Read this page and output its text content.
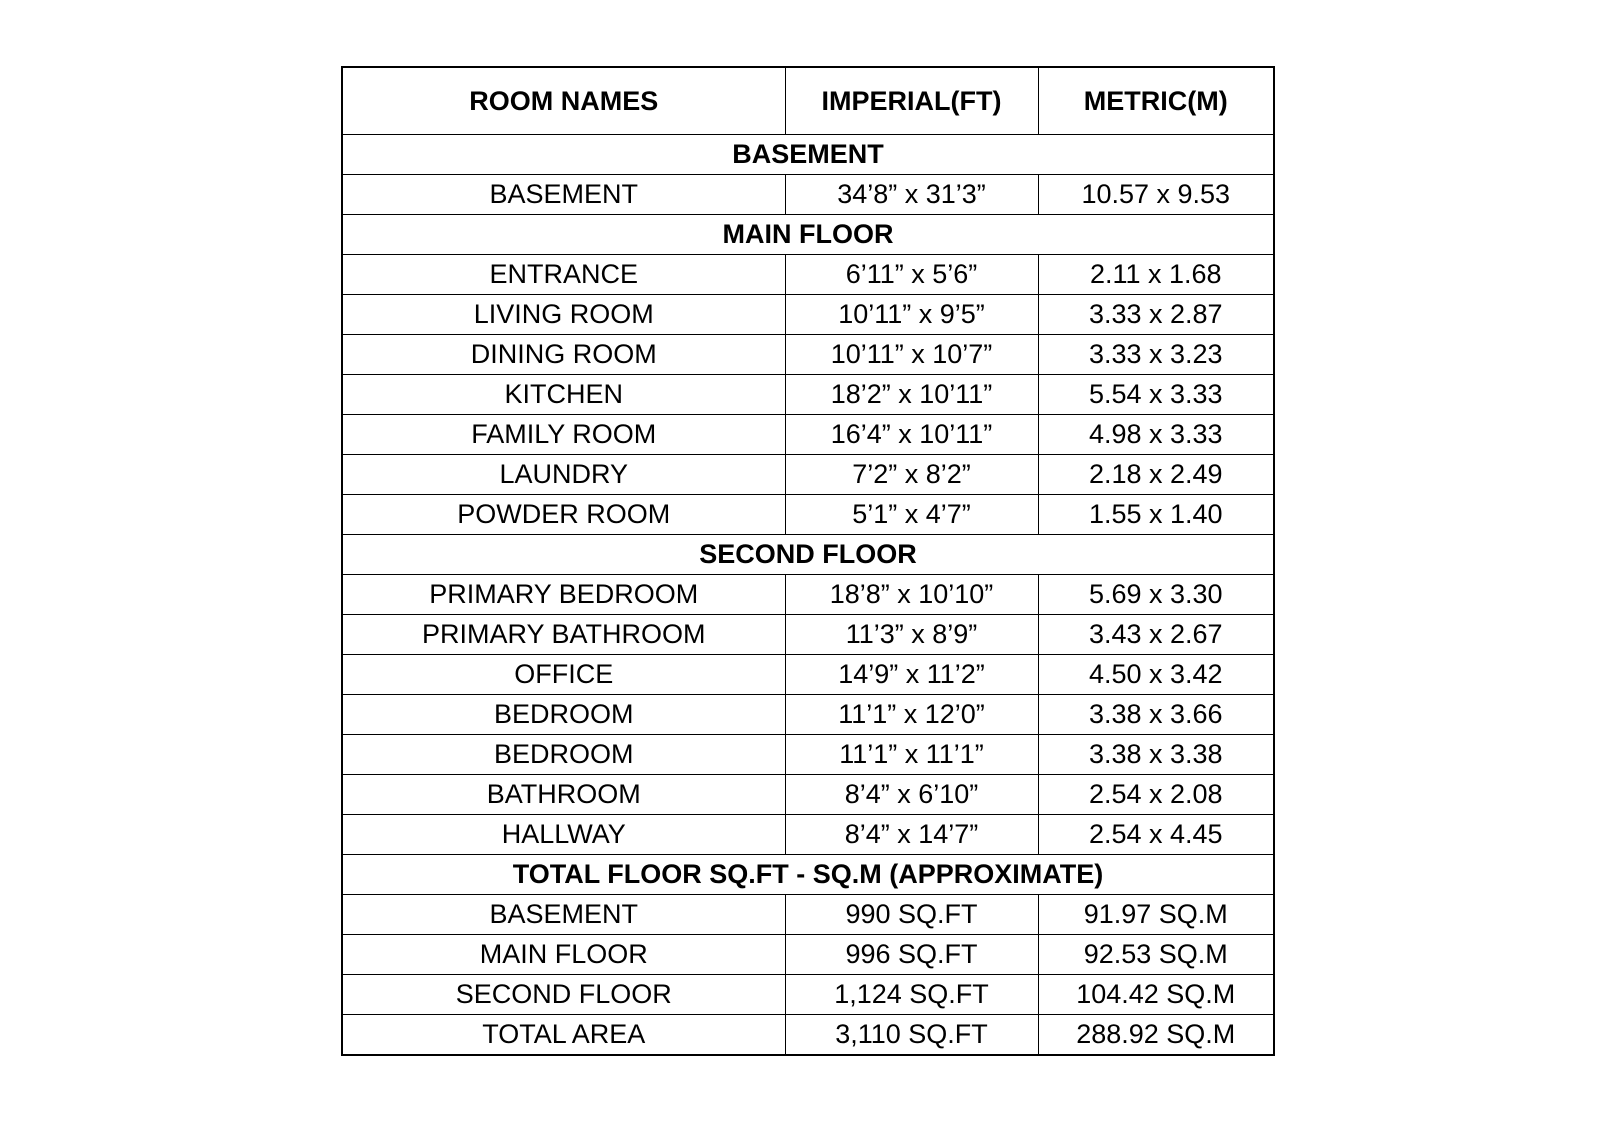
ROOM NAMES	IMPERIAL(FT)	METRIC(M)
BASEMENT		
BASEMENT	34’8” x 31’3”	10.57 x 9.53
MAIN FLOOR		
ENTRANCE	6’11” x 5’6”	2.11 x 1.68
LIVING ROOM	10’11” x 9’5”	3.33 x 2.87
DINING ROOM	10’11” x 10’7”	3.33 x 3.23
KITCHEN	18’2” x 10’11”	5.54 x 3.33
FAMILY ROOM	16’4” x 10’11”	4.98 x 3.33
LAUNDRY	7’2” x 8’2”	2.18 x 2.49
POWDER ROOM	5’1” x 4’7”	1.55 x 1.40
SECOND FLOOR		
PRIMARY BEDROOM	18’8” x 10’10”	5.69 x 3.30
PRIMARY BATHROOM	11’3” x 8’9”	3.43 x 2.67
OFFICE	14’9” x 11’2”	4.50 x 3.42
BEDROOM	11’1” x 12’0”	3.38 x 3.66
BEDROOM	11’1” x 11’1”	3.38 x 3.38
BATHROOM	8’4” x 6’10”	2.54 x 2.08
HALLWAY	8’4” x 14’7”	2.54 x 4.45
TOTAL FLOOR SQ.FT - SQ.M (APPROXIMATE)		
BASEMENT	990 SQ.FT	91.97 SQ.M
MAIN FLOOR	996 SQ.FT	92.53 SQ.M
SECOND FLOOR	1,124 SQ.FT	104.42 SQ.M
TOTAL AREA	3,110 SQ.FT	288.92 SQ.M
